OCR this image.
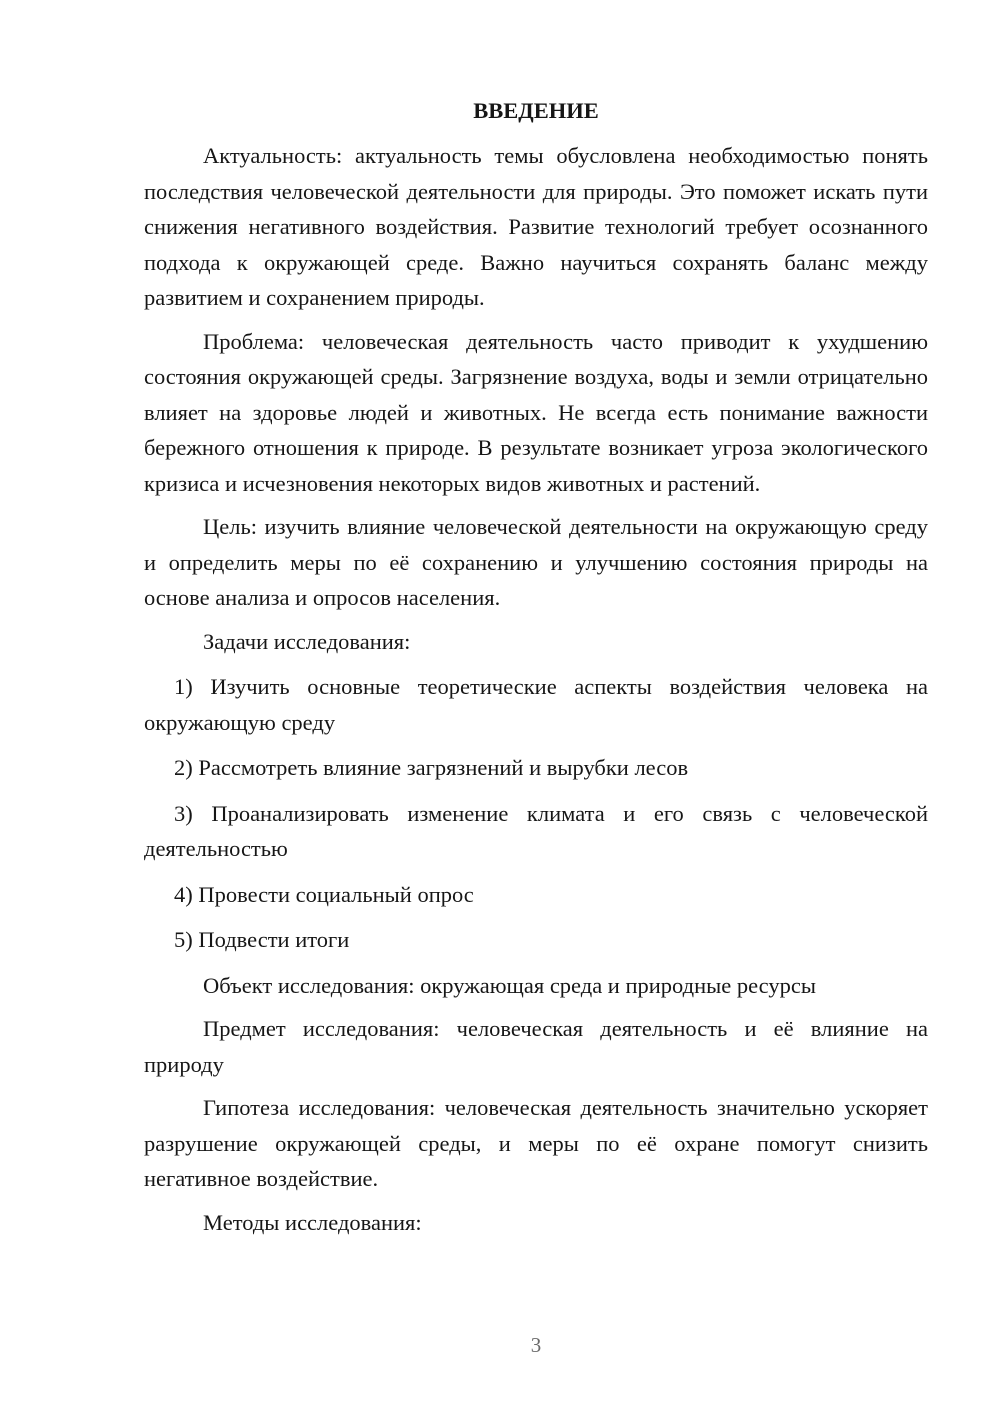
ВВЕДЕНИЕ

Актуальность: актуальность темы обусловлена необходимостью понять последствия человеческой деятельности для природы. Это поможет искать пути снижения негативного воздействия. Развитие технологий требует осознанного подхода к окружающей среде. Важно научиться сохранять баланс между развитием и сохранением природы.

Проблема: человеческая деятельность часто приводит к ухудшению состояния окружающей среды. Загрязнение воздуха, воды и земли отрицательно влияет на здоровье людей и животных. Не всегда есть понимание важности бережного отношения к природе. В результате возникает угроза экологического кризиса и исчезновения некоторых видов животных и растений.

Цель: изучить влияние человеческой деятельности на окружающую среду и определить меры по её сохранению и улучшению состояния природы на основе анализа и опросов населения.

Задачи исследования:

1) Изучить основные теоретические аспекты воздействия человека на окружающую среду

2) Рассмотреть влияние загрязнений и вырубки лесов

3) Проанализировать изменение климата и его связь с человеческой деятельностью

4) Провести социальный опрос

5) Подвести итоги

Объект исследования: окружающая среда и природные ресурсы

Предмет исследования: человеческая деятельность и её влияние на природу

Гипотеза исследования: человеческая деятельность значительно ускоряет разрушение окружающей среды, и меры по её охране помогут снизить негативное воздействие.

Методы исследования:

3
